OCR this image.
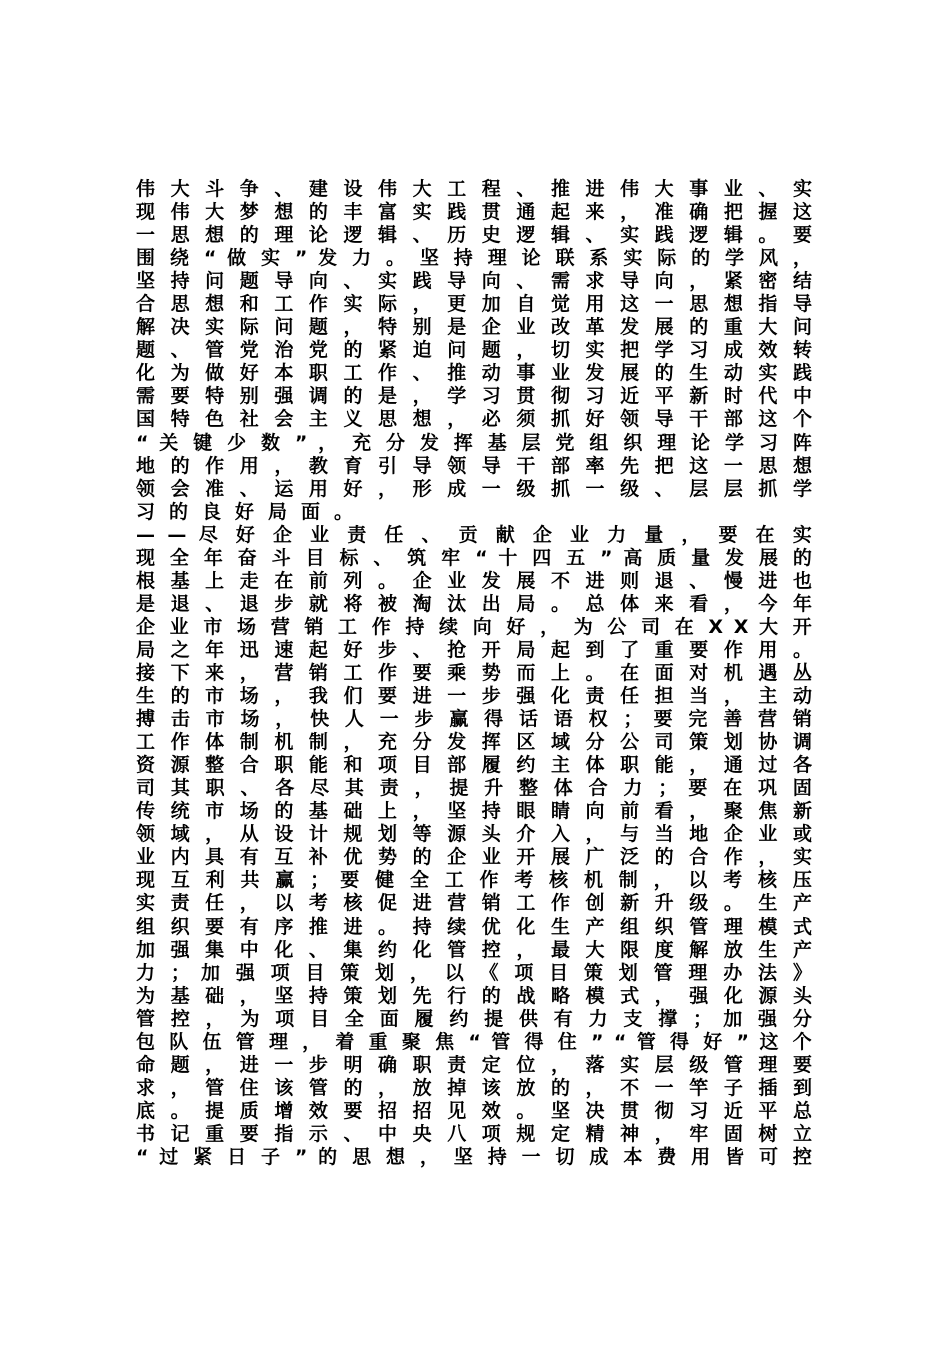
伟 大 斗 争 、 建 设 伟 大 工 程 、 推 进 伟 大 事 业 、 实
现 伟 大 梦 想 的 丰 富 实 践 贯 通 起 来 ， 准 确 把 握 这
一 思 想 的 理 论 逻 辑 、 历 史 逻 辑 、 实 践 逻 辑 。 要
围 绕 “ 做 实 ” 发 力 。 坚 持 理 论 联 系 实 际 的 学 风 ，
坚 持 问 题 导 向 、 实 践 导 向 、 需 求 导 向 ， 紧 密 结
合 思 想 和 工 作 实 际 ， 更 加 自 觉 用 这 一 思 想 指 导
解 决 实 际 问 题 ， 特 别 是 企 业 改 革 发 展 的 重 大 问
题 、 管 党 治 党 的 紧 迫 问 题 ， 切 实 把 学 习 成 效 转
化 为 做 好 本 职 工 作 、 推 动 事 业 发 展 的 生 动 实 践
需 要 特 别 强 调 的 是 ， 学 习 贯 彻 习 近 平 新 时 代 中
国 特 色 社 会 主 义 思 想 ， 必 须 抓 好 领 导 干 部 这 个
“ 关 键 少 数 ” ， 充 分 发 挥 基 层 党 组 织 理 论 学 习 阵
地 的 作 用 ， 教 育 引 导 领 导 干 部 率 先 把 这 一 思 想
领 会 准 、 运 用 好 ， 形 成 一 级 抓 一 级 、 层 层 抓 学
习的良好局面。
— — 尽 好 企 业 责 任 、 贡 献 企 业 力 量 ， 要 在 实
现 全 年 奋 斗 目 标 、 筑 牢 “ 十 四 五 ” 高 质 量 发 展 的
根 基 上 走 在 前 列 。 企 业 发 展 不 进 则 退 、 慢 进 也
是 退 、 退 步 就 将 被 淘 汰 出 局 。 总 体 来 看 ， 今 年
企 业 市 场 营 销 工 作 持 续 向 好 ， 为 公 司 在 X X 大 开
局 之 年 迅 速 起 好 步 、 抢 开 局 起 到 了 重 要 作 用 。
接 下 来 ， 营 销 工 作 要 乘 势 而 上 。 在 面 对 机 遇 丛
生 的 市 场 ， 我 们 要 进 一 步 强 化 责 任 担 当 ， 主 动
搏 击 市 场 ， 快 人 一 步 赢 得 话 语 权 ； 要 完 善 营 销
工 作 体 制 机 制 ， 充 分 发 挥 区 域 分 公 司 策 划 协 调
资 源 整 合 职 能 和 项 目 部 履 约 主 体 职 能 ， 通 过 各
司 其 职 、 各 尽 其 责 ， 提 升 整 体 合 力 ； 要 在 巩 固
传 统 市 场 的 基 础 上 ， 坚 持 眼 睛 向 前 看 ， 聚 焦 新
领 域 ， 从 设 计 规 划 等 源 头 介 入 ， 与 当 地 企 业 或
业 内 具 有 互 补 优 势 的 企 业 开 展 广 泛 的 合 作 ， 实
现 互 利 共 赢 ； 要 健 全 工 作 考 核 机 制 ， 以 考 核 压
实 责 任 ， 以 考 核 促 进 营 销 工 作 创 新 升 级 。 生 产
组 织 要 有 序 推 进 。 持 续 优 化 生 产 组 织 管 理 模 式
加 强 集 中 化 、 集 约 化 管 控 ， 最 大 限 度 解 放 生 产
力 ； 加 强 项 目 策 划 ， 以 《 项 目 策 划 管 理 办 法 》
为 基 础 ， 坚 持 策 划 先 行 的 战 略 模 式 ， 强 化 源 头
管 控 ， 为 项 目 全 面 履 约 提 供 有 力 支 撑 ； 加 强 分
包 队 伍 管 理 ， 着 重 聚 焦 “ 管 得 住 ” “ 管 得 好 ” 这 个
命 题 ， 进 一 步 明 确 职 责 定 位 ， 落 实 层 级 管 理 要
求 ， 管 住 该 管 的 ， 放 掉 该 放 的 ， 不 一 竿 子 插 到
底 。 提 质 增 效 要 招 招 见 效 。 坚 决 贯 彻 习 近 平 总
书 记 重 要 指 示 、 中 央 八 项 规 定 精 神 ， 牢 固 树 立
“ 过 紧 日 子 ” 的 思 想 ， 坚 持 一 切 成 本 费 用 皆 可 控
